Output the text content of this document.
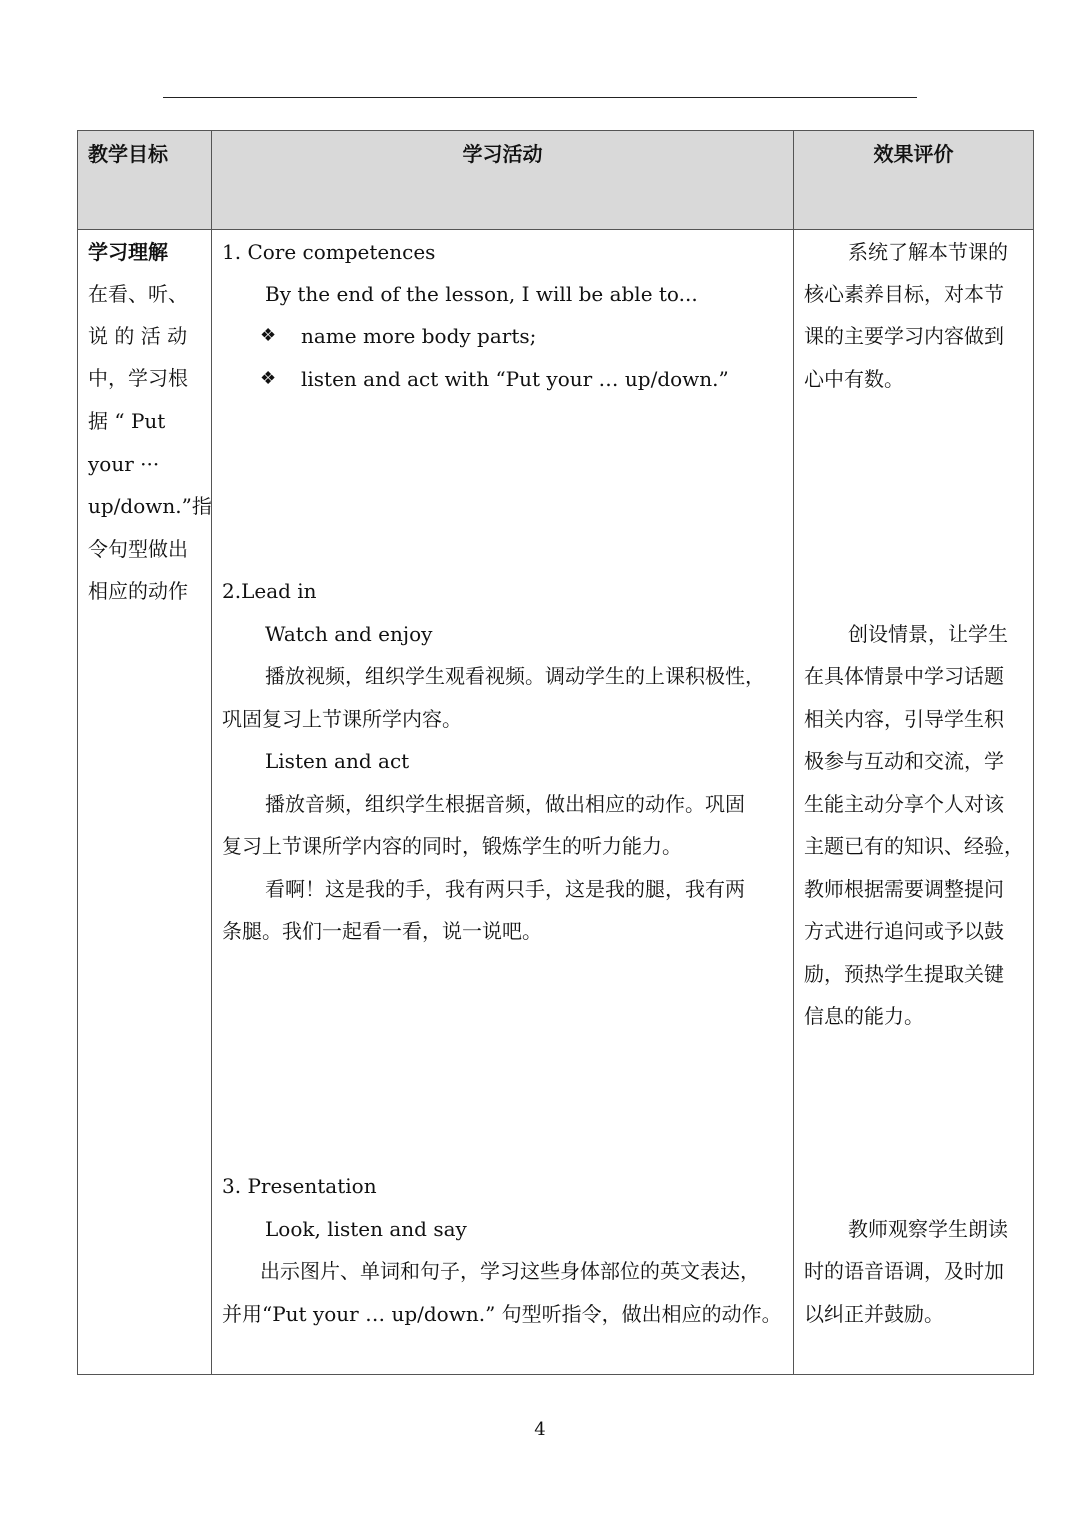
教学目标	学习活动	效果评价
学习理解
在看、听、
说 的 活 动
中，学习根
据 “ Put
your ···
up/down.”指
令句型做出
相应的动作
1. Core competences
By the end of the lesson, I will be able to...
❖ name more body parts;
❖ listen and act with “Put your … up/down.”
2.Lead in
Watch and enjoy
播放视频，组织学生观看视频。调动学生的上课积极性，
巩固复习上节课所学内容。
Listen and act
播放音频，组织学生根据音频，做出相应的动作。巩固
复习上节课所学内容的同时，锻炼学生的听力能力。
看啊！这是我的手，我有两只手，这是我的腿，我有两
条腿。我们一起看一看，说一说吧。
3. Presentation
Look, listen and say
出示图片、单词和句子，学习这些身体部位的英文表达，
并用“Put your … up/down.” 句型听指令，做出相应的动作。
系统了解本节课的
核心素养目标，对本节
课的主要学习内容做到
心中有数。
创设情景，让学生
在具体情景中学习话题
相关内容，引导学生积
极参与互动和交流，学
生能主动分享个人对该
主题已有的知识、经验，
教师根据需要调整提问
方式进行追问或予以鼓
励，预热学生提取关键
信息的能力。
教师观察学生朗读
时的语音语调，及时加
以纠正并鼓励。
4
